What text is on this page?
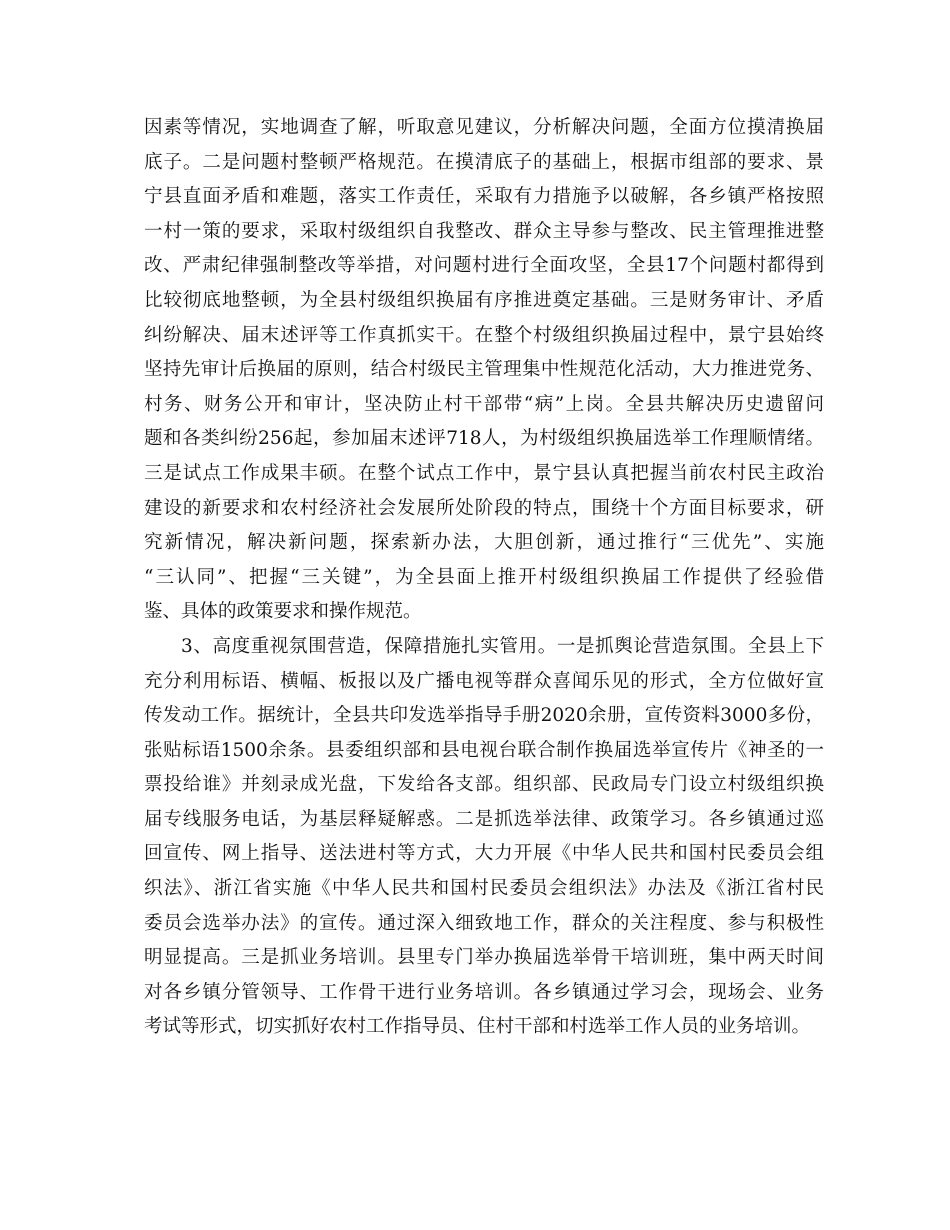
因素等情况，实地调查了解，听取意见建议，分析解决问题，全面方位摸清换届
底子。二是问题村整顿严格规范。在摸清底子的基础上，根据市组部的要求、景
宁县直面矛盾和难题，落实工作责任，采取有力措施予以破解，各乡镇严格按照
一村一策的要求，采取村级组织自我整改、群众主导参与整改、民主管理推进整
改、严肃纪律强制整改等举措，对问题村进行全面攻坚，全县17个问题村都得到
比较彻底地整顿，为全县村级组织换届有序推进奠定基础。三是财务审计、矛盾
纠纷解决、届末述评等工作真抓实干。在整个村级组织换届过程中，景宁县始终
坚持先审计后换届的原则，结合村级民主管理集中性规范化活动，大力推进党务、
村务、财务公开和审计，坚决防止村干部带“病”上岗。全县共解决历史遗留问
题和各类纠纷256起，参加届末述评718人，为村级组织换届选举工作理顺情绪。
三是试点工作成果丰硕。在整个试点工作中，景宁县认真把握当前农村民主政治
建设的新要求和农村经济社会发展所处阶段的特点，围绕十个方面目标要求，研
究新情况，解决新问题，探索新办法，大胆创新，通过推行“三优先”、实施
“三认同”、把握“三关键”，为全县面上推开村级组织换届工作提供了经验借
鉴、具体的政策要求和操作规范。
3、高度重视氛围营造，保障措施扎实管用。一是抓舆论营造氛围。全县上下
充分利用标语、横幅、板报以及广播电视等群众喜闻乐见的形式，全方位做好宣
传发动工作。据统计，全县共印发选举指导手册2020余册，宣传资料3000多份，
张贴标语1500余条。县委组织部和县电视台联合制作换届选举宣传片《神圣的一
票投给谁》并刻录成光盘，下发给各支部。组织部、民政局专门设立村级组织换
届专线服务电话，为基层释疑解惑。二是抓选举法律、政策学习。各乡镇通过巡
回宣传、网上指导、送法进村等方式，大力开展《中华人民共和国村民委员会组
织法》、浙江省实施《中华人民共和国村民委员会组织法》办法及《浙江省村民
委员会选举办法》的宣传。通过深入细致地工作，群众的关注程度、参与积极性
明显提高。三是抓业务培训。县里专门举办换届选举骨干培训班，集中两天时间
对各乡镇分管领导、工作骨干进行业务培训。各乡镇通过学习会，现场会、业务
考试等形式，切实抓好农村工作指导员、住村干部和村选举工作人员的业务培训。
